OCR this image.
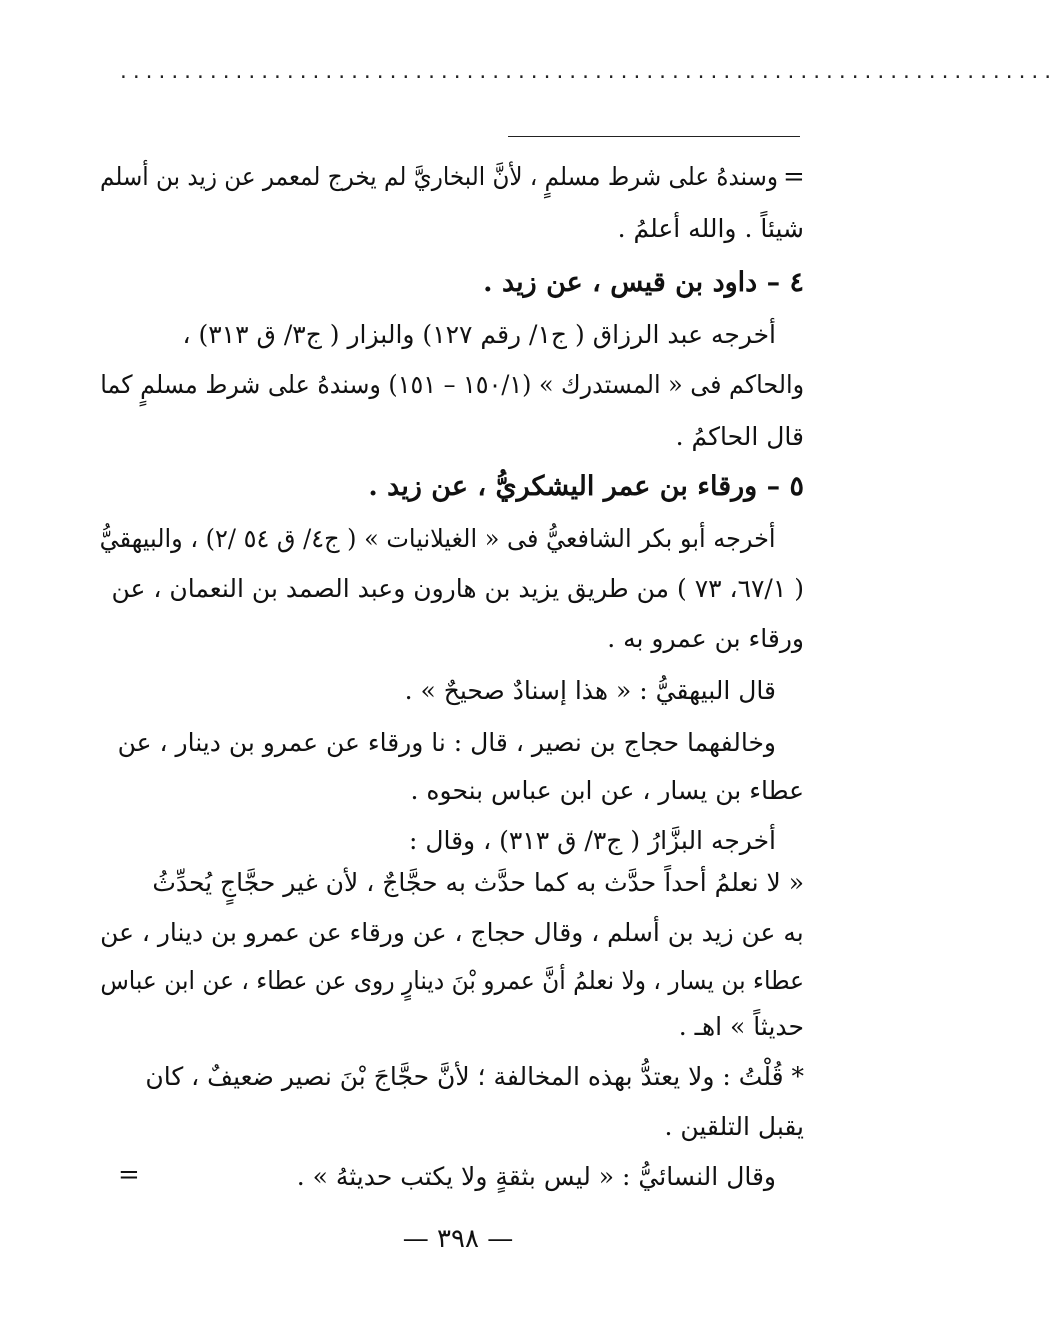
.........................................................................
=
وسندهُ على شرط مسلمٍ ، لأنَّ البخاريَّ لم يخرج لمعمر عن زيد بن أسلم
شيئاً . والله أعلمُ .
٤ – داود بن قيس ، عن زيد .
أخرجه عبد الرزاق ( ج١/ رقم ١٢٧) والبزار ( ج٣/ ق ٣١٣) ،
والحاكم فى « المستدرك » (١٥٠/١ – ١٥١) وسندهُ على شرط مسلمٍ كما
قال الحاكمُ .
٥ – ورقاء بن عمر اليشكريُّ ، عن زيد .
أخرجه أبو بكر الشافعيُّ فى « الغيلانيات » ( ج٤/ ق ٥٤ /٢) ، والبيهقيُّ
( ٦٧/١، ٧٣ ) من طريق يزيد بن هارون وعبد الصمد بن النعمان ، عن
ورقاء بن عمرو به .
قال البيهقيُّ : « هذا إسنادٌ صحيحٌ » .
وخالفهما حجاج بن نصير ، قال : نا ورقاء عن عمرو بن دينار ، عن
عطاء بن يسار ، عن ابن عباس بنحوه .
أخرجه البزَّارُ ( ج٣/ ق ٣١٣) ، وقال :
« لا نعلمُ أحداً حدَّث به كما حدَّث به حجَّاجٌ ، لأن غير حجَّاجٍ يُحدِّثُ
به عن زيد بن أسلم ، وقال حجاج ، عن ورقاء عن عمرو بن دينار ، عن
عطاء بن يسار ، ولا نعلمُ أنَّ عمرو بْنَ دينارٍ روى عن عطاء ، عن ابن عباس
حديثاً » اهـ .
* قُلْتُ : ولا يعتدُّ بهذه المخالفة ؛ لأنَّ حجَّاجَ بْنَ نصير ضعيفٌ ، كان
يقبل التلقين .
وقال النسائيُّ : « ليس بثقةٍ ولا يكتب حديثهُ » .
=
— ٣٩٨ —
